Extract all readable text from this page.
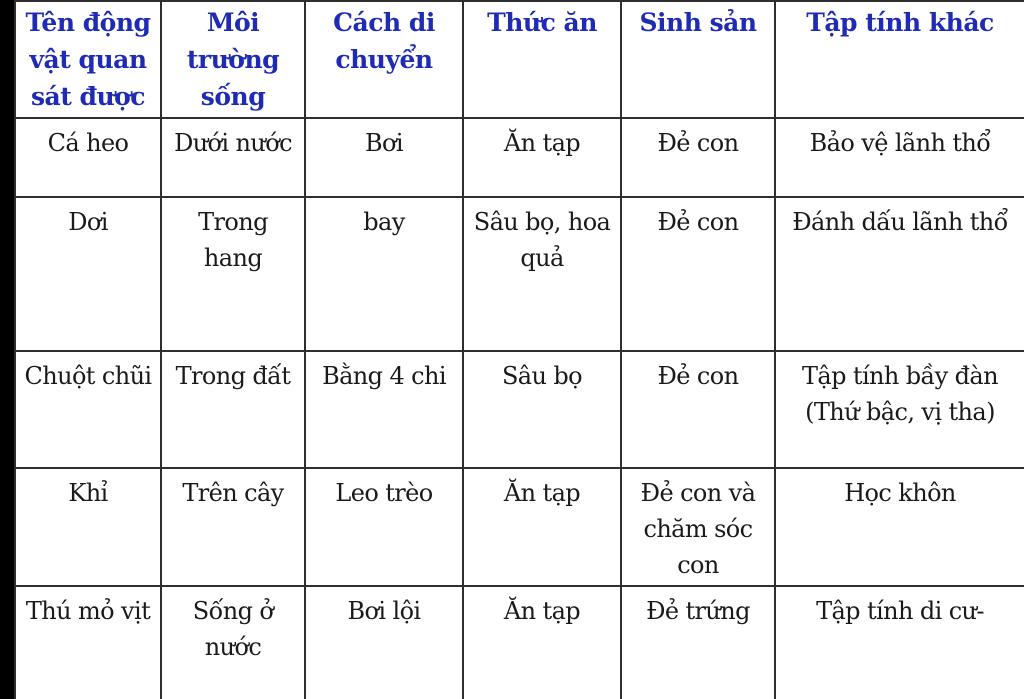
Tên động vật quan sát được	Môi trường sống	Cách di chuyển	Thức ăn	Sinh sản	Tập tính khác

Cá heo	Dưới nước	Bơi	Ăn tạp	Đẻ con	Bảo vệ lãnh thổ

Dơi	Trong hang	bay	Sâu bọ, hoa quả	Đẻ con	Đánh dấu lãnh thổ

Chuột chũi	Trong đất	Bằng 4 chi	Sâu bọ	Đẻ con	Tập tính bầy đàn (Thứ bậc, vị tha)

Khỉ	Trên cây	Leo trèo	Ăn tạp	Đẻ con và chăm sóc con	Học khôn

Thú mỏ vịt	Sống ở nước	Bơi lội	Ăn tạp	Đẻ trứng	Tập tính di cư-
